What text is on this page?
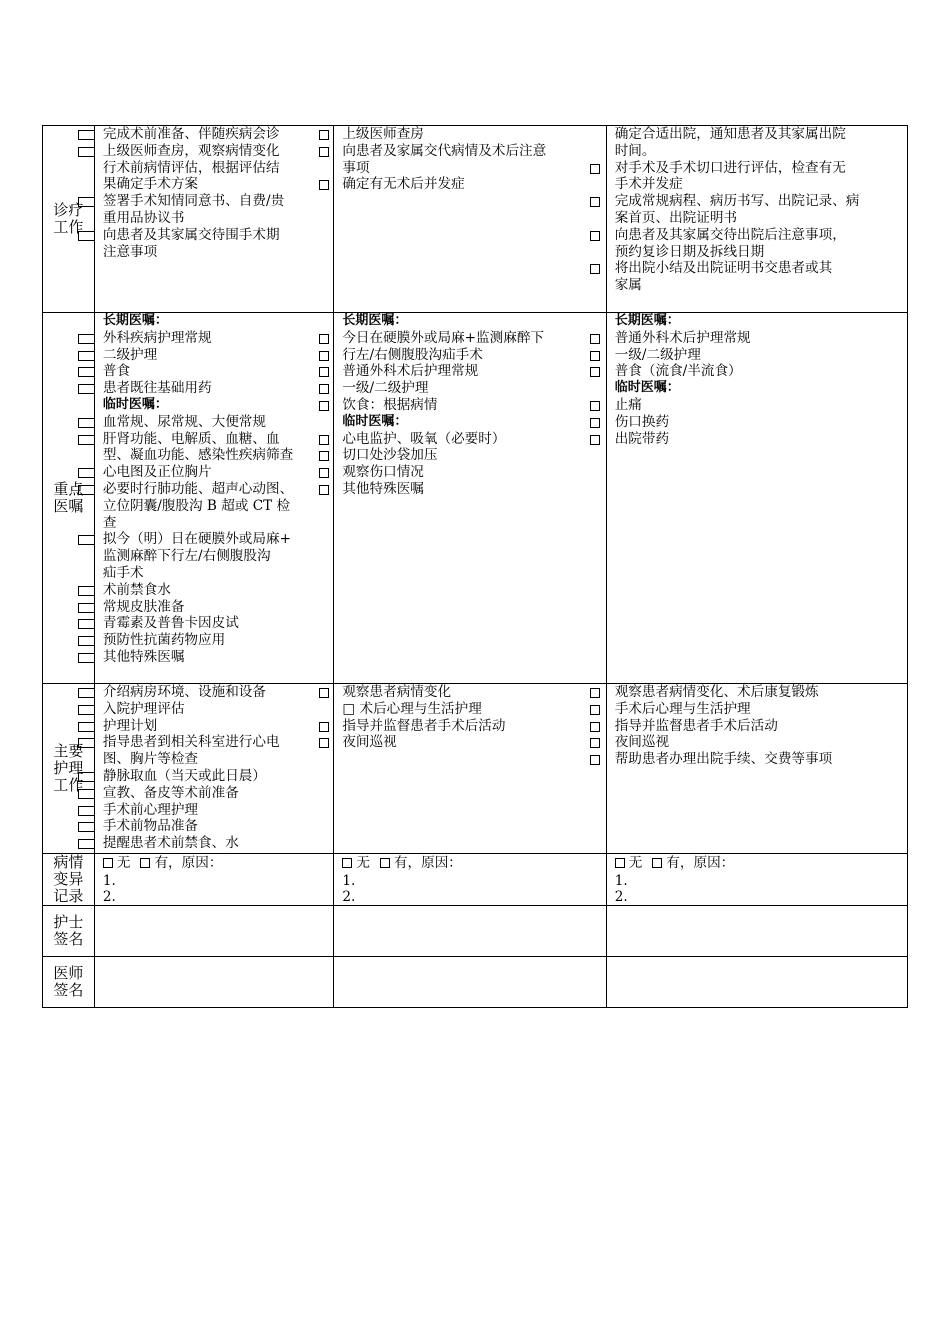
诊疗工作
完成术前准备、伴随疾病会诊
上级医师查房，观察病情变化
行术前病情评估，根据评估结
果确定手术方案
签署手术知情同意书、自费/贵
重用品协议书
向患者及其家属交待围手术期
注意事项
上级医师查房
向患者及家属交代病情及术后注意
事项
确定有无术后并发症
确定合适出院，通知患者及其家属出院
时间。
对手术及手术切口进行评估，检查有无
手术并发症
完成常规病程、病历书写、出院记录、病
案首页、出院证明书
向患者及其家属交待出院后注意事项，
预约复诊日期及拆线日期
将出院小结及出院证明书交患者或其
家属
重点医嘱
长期医嘱：
外科疾病护理常规
二级护理
普食
患者既往基础用药
临时医嘱：
血常规、尿常规、大便常规
肝肾功能、电解质、血糖、血
型、凝血功能、感染性疾病筛查
心电图及正位胸片
必要时行肺功能、超声心动图、
立位阴囊/腹股沟 B 超或 CT 检
查
拟今（明）日在硬膜外或局麻+
监测麻醉下行左/右侧腹股沟
疝手术
术前禁食水
常规皮肤准备
青霉素及普鲁卡因皮试
预防性抗菌药物应用
其他特殊医嘱
长期医嘱：
今日在硬膜外或局麻+监测麻醉下
行左/右侧腹股沟疝手术
普通外科术后护理常规
一级/二级护理
饮食：根据病情
临时医嘱：
心电监护、吸氧（必要时）
切口处沙袋加压
观察伤口情况
其他特殊医嘱
长期医嘱：
普通外科术后护理常规
一级/二级护理
普食（流食/半流食）
临时医嘱：
止痛
伤口换药
出院带药
主要护理工作
介绍病房环境、设施和设备
入院护理评估
护理计划
指导患者到相关科室进行心电
图、胸片等检查
静脉取血（当天或此日晨）
宣教、备皮等术前准备
手术前心理护理
手术前物品准备
提醒患者术前禁食、水
观察患者病情变化
□ 术后心理与生活护理
指导并监督患者手术后活动
夜间巡视
观察患者病情变化、术后康复锻炼
手术后心理与生活护理
指导并监督患者手术后活动
夜间巡视
帮助患者办理出院手续、交费等事项
病情变异记录
无 有，原因：
1.
2.
无 有，原因：
1.
2.
无 有，原因：
1.
2.
护士签名
医师签名
